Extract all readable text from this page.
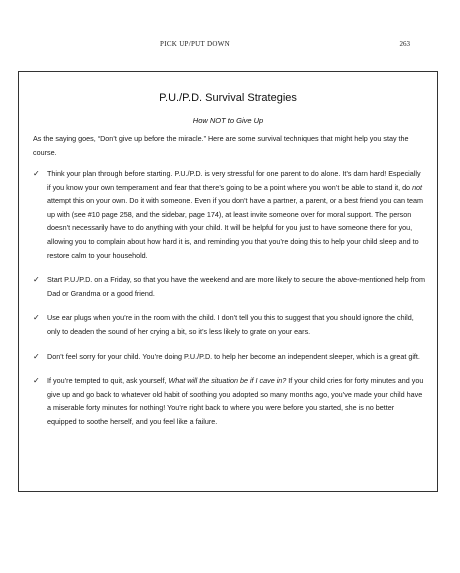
PICK UP/PUT DOWN	263
P.U./P.D. Survival Strategies
How NOT to Give Up

As the saying goes, “Don’t give up before the miracle.” Here are some survival techniques that might help you stay the course.

✓ Think your plan through before starting. P.U./P.D. is very stressful for one parent to do alone. It’s darn hard! Especially if you know your own temperament and fear that there’s going to be a point where you won’t be able to stand it, do not attempt this on your own. Do it with someone. Even if you don’t have a partner, a parent, or a best friend you can team up with (see #10 page 258, and the sidebar, page 174), at least invite someone over for moral support. The person doesn’t necessarily have to do anything with your child. It will be helpful for you just to have someone there for you, allowing you to complain about how hard it is, and reminding you that you’re doing this to help your child sleep and to restore calm to your household.
✓ Start P.U./P.D. on a Friday, so that you have the weekend and are more likely to secure the above-mentioned help from Dad or Grandma or a good friend.
✓ Use ear plugs when you’re in the room with the child. I don’t tell you this to suggest that you should ignore the child, only to deaden the sound of her crying a bit, so it’s less likely to grate on your ears.
✓ Don’t feel sorry for your child. You’re doing P.U./P.D. to help her become an independent sleeper, which is a great gift.
✓ If you’re tempted to quit, ask yourself, What will the situation be if I cave in? If your child cries for forty minutes and you give up and go back to whatever old habit of soothing you adopted so many months ago, you’ve made your child have a miserable forty minutes for nothing! You’re right back to where you were before you started, she is no better equipped to soothe herself, and you feel like a failure.
